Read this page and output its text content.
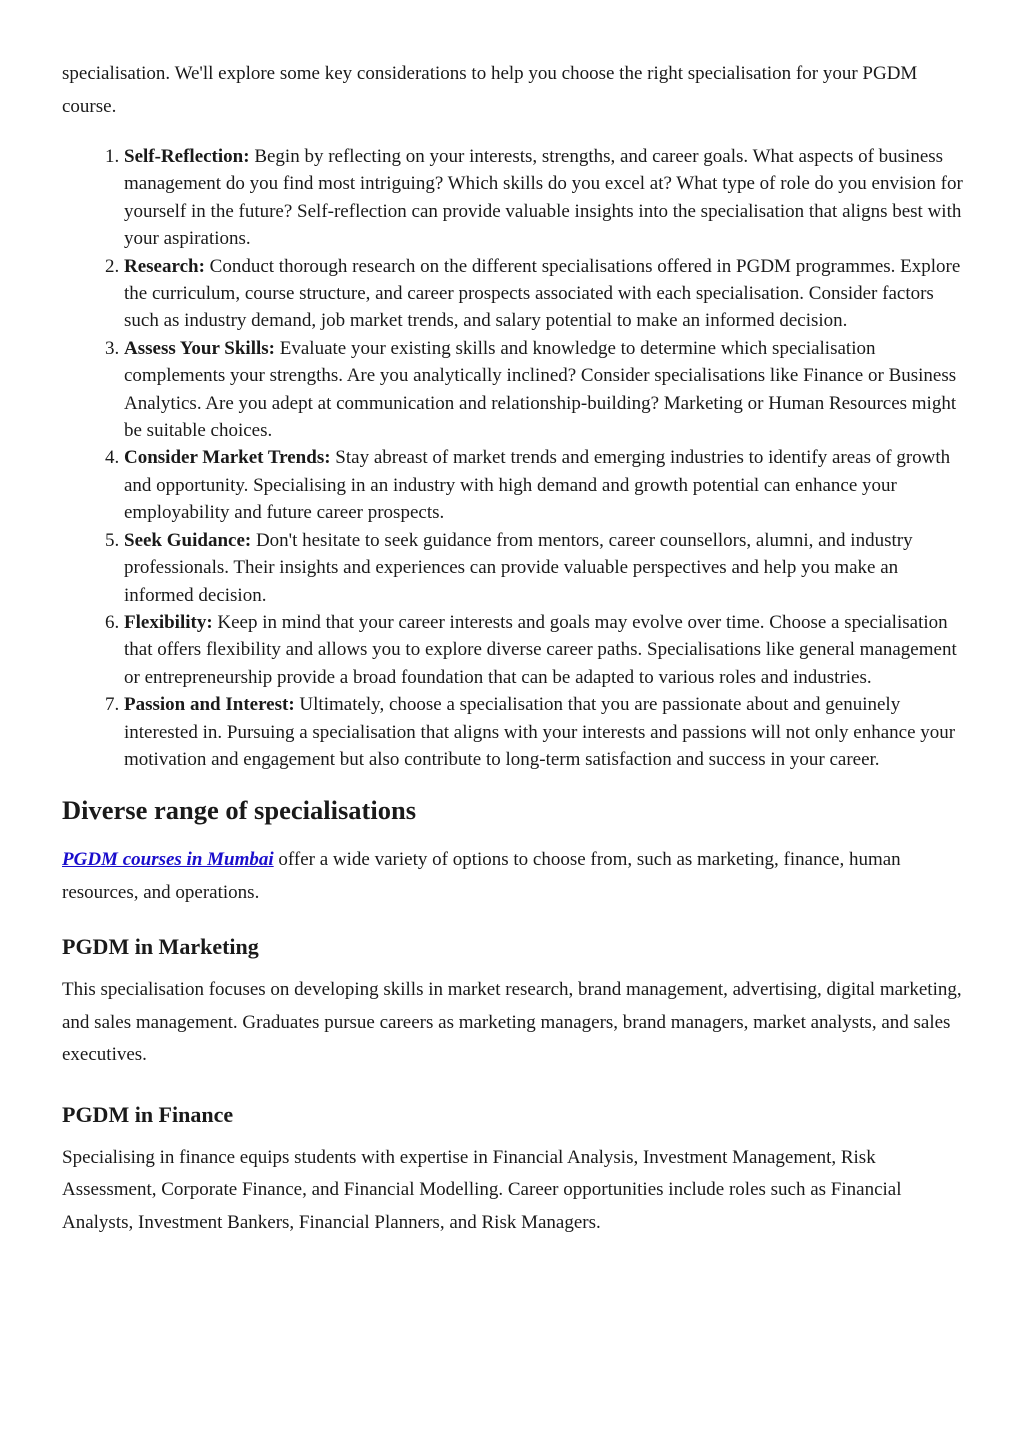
specialisation. We'll explore some key considerations to help you choose the right specialisation for your PGDM course.

1. Self-Reflection: Begin by reflecting on your interests, strengths, and career goals. What aspects of business management do you find most intriguing? Which skills do you excel at? What type of role do you envision for yourself in the future? Self-reflection can provide valuable insights into the specialisation that aligns best with your aspirations.
2. Research: Conduct thorough research on the different specialisations offered in PGDM programmes. Explore the curriculum, course structure, and career prospects associated with each specialisation. Consider factors such as industry demand, job market trends, and salary potential to make an informed decision.
3. Assess Your Skills: Evaluate your existing skills and knowledge to determine which specialisation complements your strengths. Are you analytically inclined? Consider specialisations like Finance or Business Analytics. Are you adept at communication and relationship-building? Marketing or Human Resources might be suitable choices.
4. Consider Market Trends: Stay abreast of market trends and emerging industries to identify areas of growth and opportunity. Specialising in an industry with high demand and growth potential can enhance your employability and future career prospects.
5. Seek Guidance: Don't hesitate to seek guidance from mentors, career counsellors, alumni, and industry professionals. Their insights and experiences can provide valuable perspectives and help you make an informed decision.
6. Flexibility: Keep in mind that your career interests and goals may evolve over time. Choose a specialisation that offers flexibility and allows you to explore diverse career paths. Specialisations like general management or entrepreneurship provide a broad foundation that can be adapted to various roles and industries.
7. Passion and Interest: Ultimately, choose a specialisation that you are passionate about and genuinely interested in. Pursuing a specialisation that aligns with your interests and passions will not only enhance your motivation and engagement but also contribute to long-term satisfaction and success in your career.
Diverse range of specialisations

PGDM courses in Mumbai offer a wide variety of options to choose from, such as marketing, finance, human resources, and operations.

PGDM in Marketing

This specialisation focuses on developing skills in market research, brand management, advertising, digital marketing, and sales management. Graduates pursue careers as marketing managers, brand managers, market analysts, and sales executives.

PGDM in Finance

Specialising in finance equips students with expertise in Financial Analysis, Investment Management, Risk Assessment, Corporate Finance, and Financial Modelling. Career opportunities include roles such as Financial Analysts, Investment Bankers, Financial Planners, and Risk Managers.
